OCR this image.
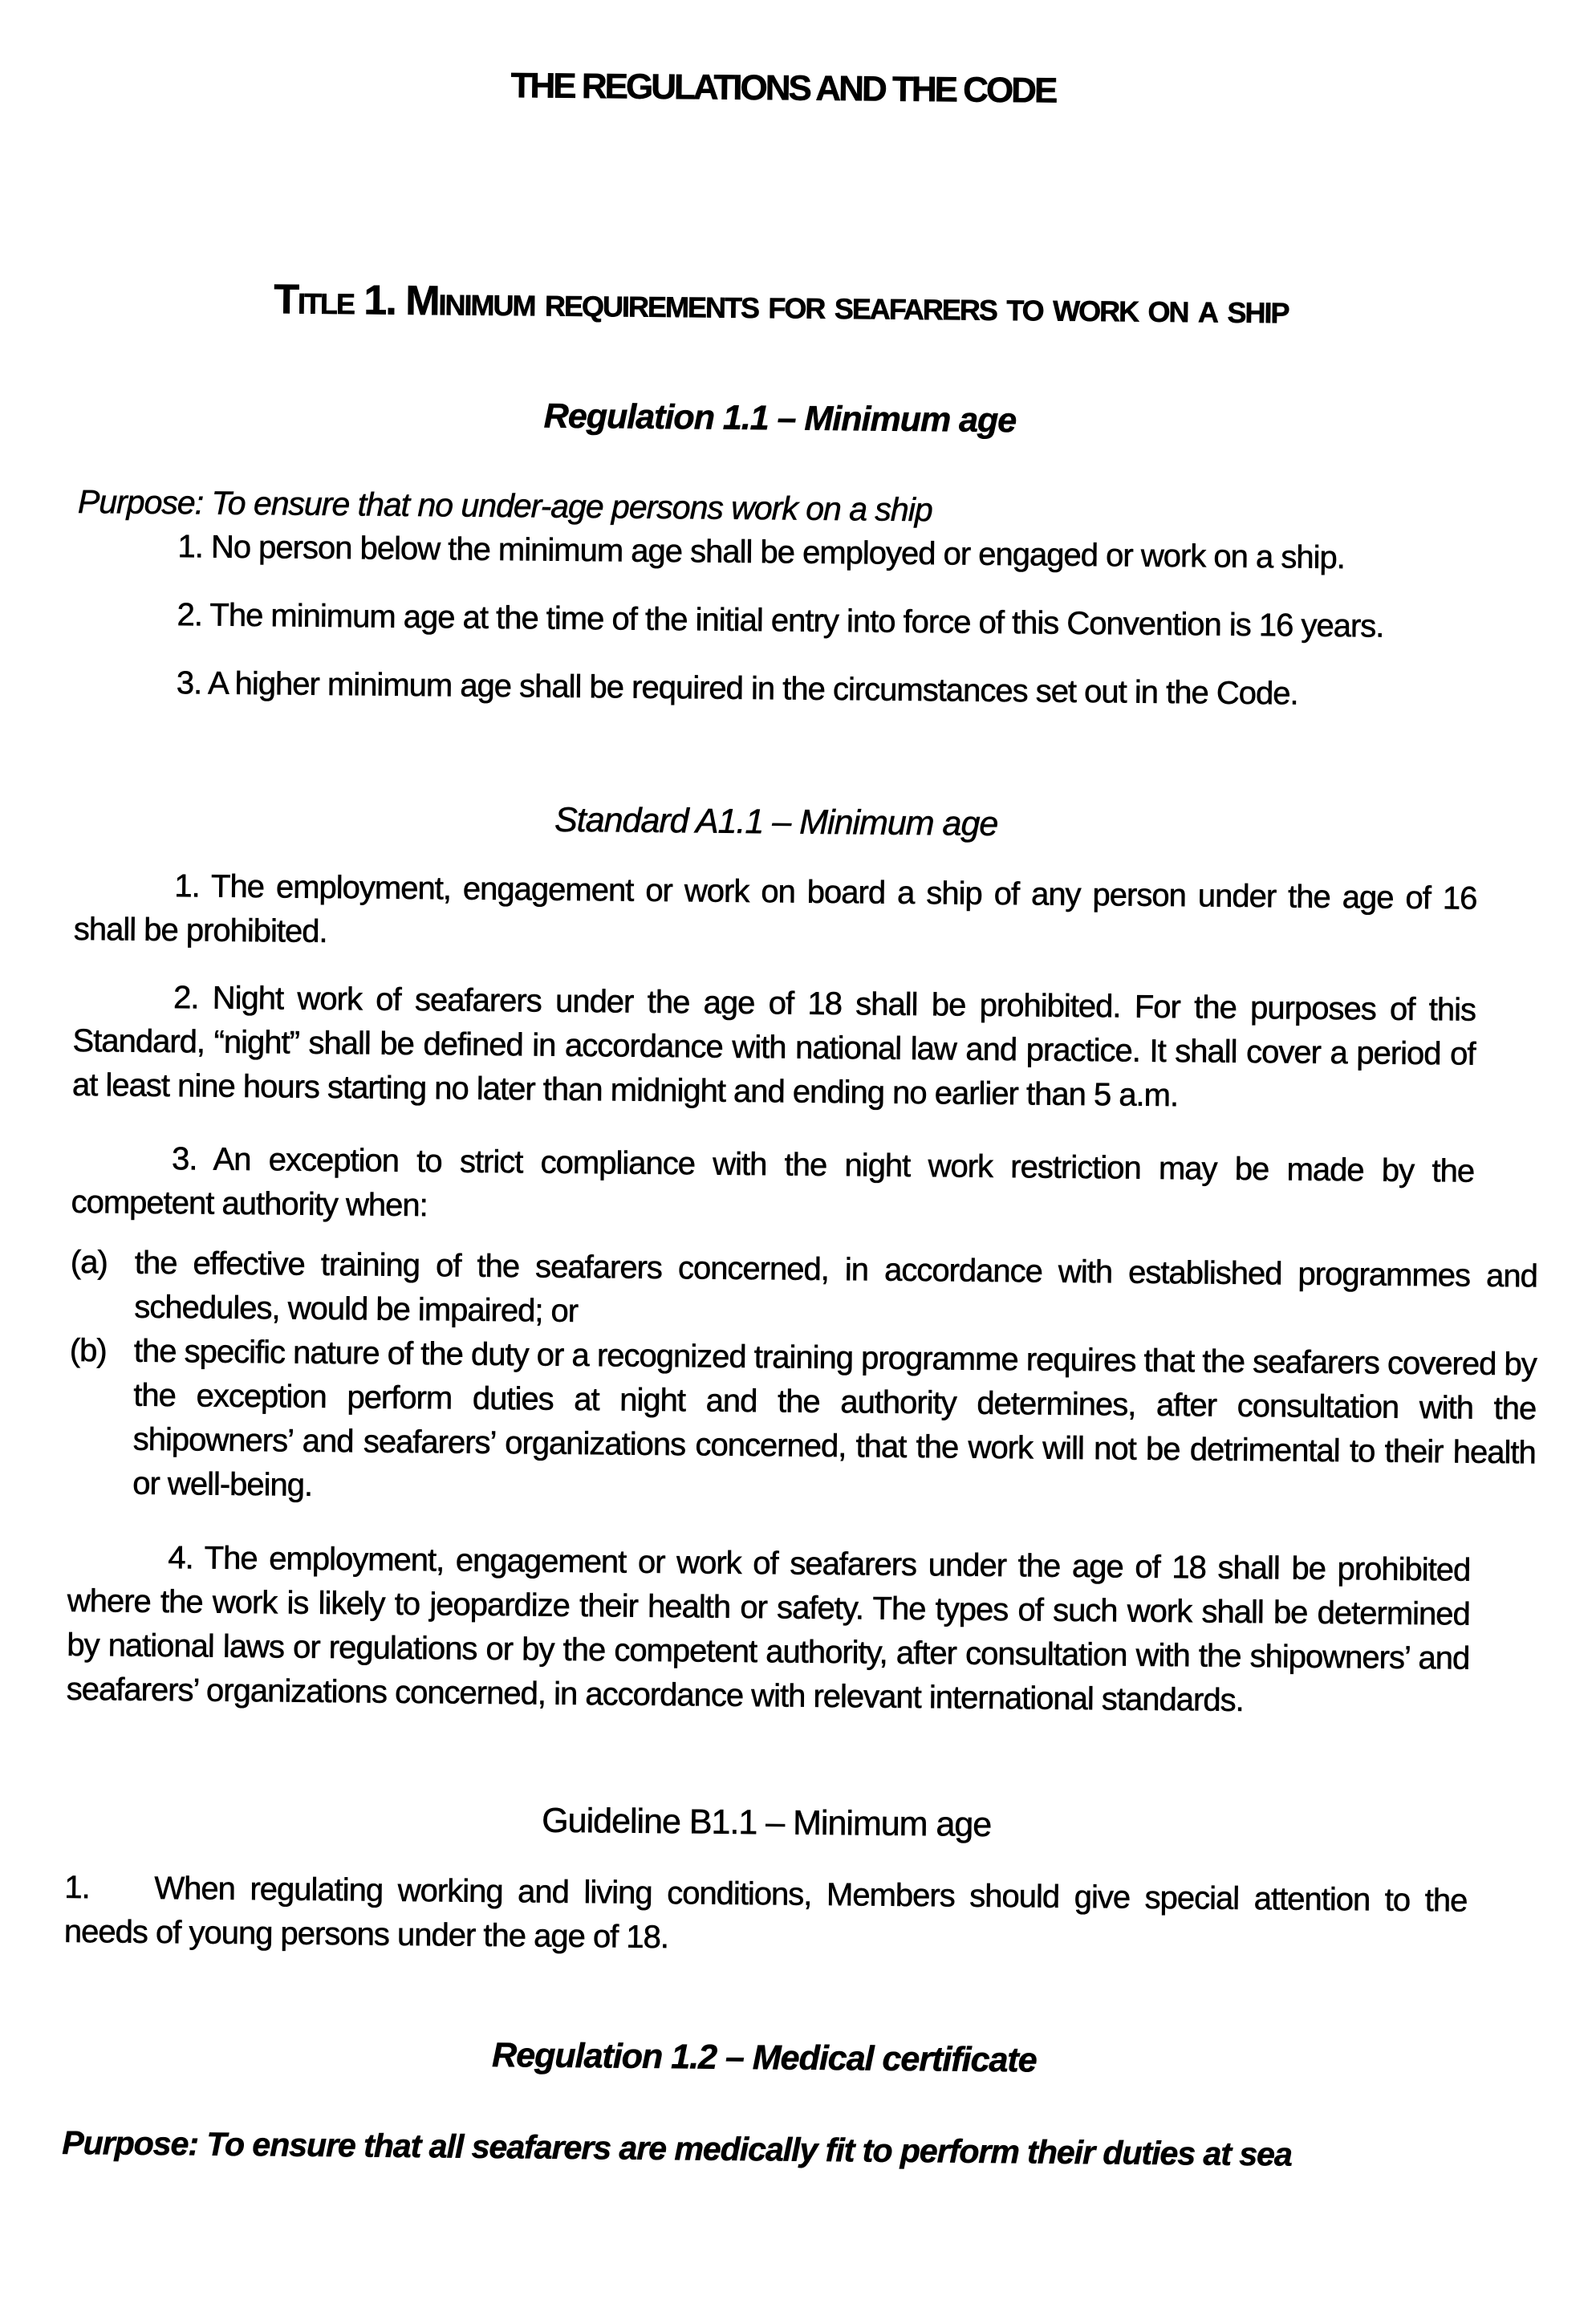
THE REGULATIONS AND THE CODE
Title 1. Minimum requirements for seafarers to work on a ship
Regulation 1.1 – Minimum age

Purpose: To ensure that no under-age persons work on a ship

1. No person below the minimum age shall be employed or engaged or work on a ship.

2. The minimum age at the time of the initial entry into force of this Convention is 16 years.

3. A higher minimum age shall be required in the circumstances set out in the Code.

Standard A1.1 – Minimum age

1. The employment, engagement or work on board a ship of any person under the age of 16 shall be prohibited.

2. Night work of seafarers under the age of 18 shall be prohibited. For the purposes of this Standard, “night” shall be defined in accordance with national law and practice. It shall cover a period of at least nine hours starting no later than midnight and ending no earlier than 5 a.m.

3. An exception to strict compliance with the night work restriction may be made by the competent authority when:

(a) the effective training of the seafarers concerned, in accordance with established programmes and schedules, would be impaired; or

(b) the specific nature of the duty or a recognized training programme requires that the seafarers covered by the exception perform duties at night and the authority determines, after consultation with the shipowners’ and seafarers’ organizations concerned, that the work will not be detrimental to their health or well-being.

4. The employment, engagement or work of seafarers under the age of 18 shall be prohibited where the work is likely to jeopardize their health or safety. The types of such work shall be determined by national laws or regulations or by the competent authority, after consultation with the shipowners’ and seafarers’ organizations concerned, in accordance with relevant international standards.

Guideline B1.1 – Minimum age

1. When regulating working and living conditions, Members should give special attention to the needs of young persons under the age of 18.

Regulation 1.2 – Medical certificate

Purpose: To ensure that all seafarers are medically fit to perform their duties at sea
